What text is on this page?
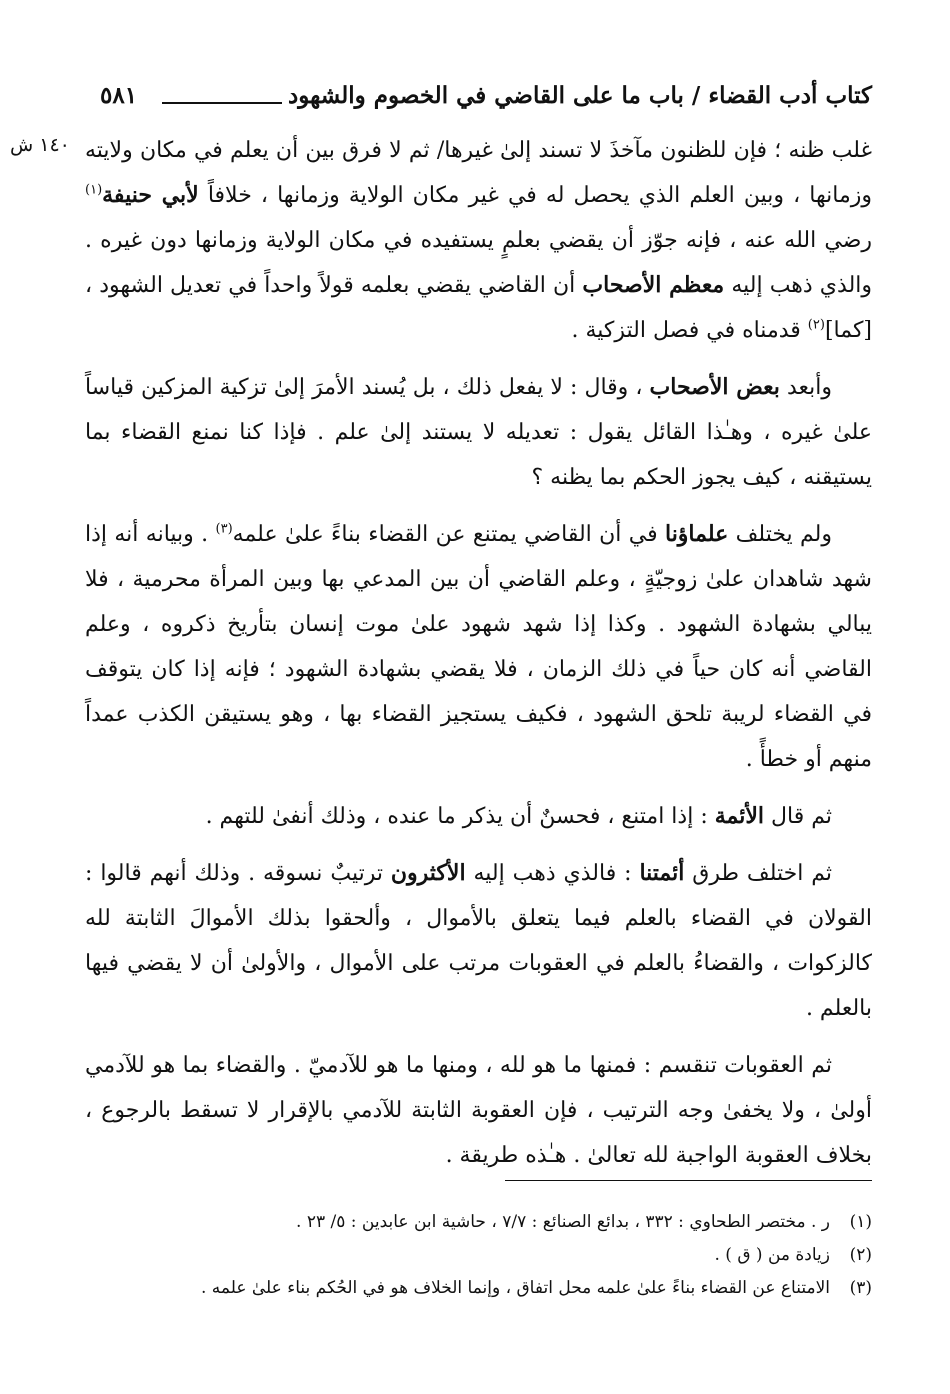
كتاب أدب القضاء / باب ما على القاضي في الخصوم والشهود
٥٨١
١٤٠ ش غلب ظنه ؛ فإن للظنون مآخذَ لا تسند إلىٰ غيرها/ ثم لا فرق بين أن يعلم في مكان ولايته وزمانها ، وبين العلم الذي يحصل له في غير مكان الولاية وزمانها ، خلافاً لأبي حنيفة$^{(١)}$ رضي الله عنه ، فإنه جوّز أن يقضي بعلمٍ يستفيده في مكان الولاية وزمانها دون غيره . والذي ذهب إليه معظم الأصحاب أن القاضي يقضي بعلمه قولاً واحداً في تعديل الشهود ، [كما]$^{(٢)}$ قدمناه في فصل التزكية .

وأبعد بعض الأصحاب ، وقال : لا يفعل ذلك ، بل يُسند الأمرَ إلىٰ تزكية المزكين قياساً علىٰ غيره ، وهـٰذا القائل يقول : تعديله لا يستند إلىٰ علم . فإذا كنا نمنع القضاء بما يستيقنه ، كيف يجوز الحكم بما يظنه ؟

ولم يختلف علماؤنا في أن القاضي يمتنع عن القضاء بناءً علىٰ علمه$^{(٣)}$ . وبيانه أنه إذا شهد شاهدان علىٰ زوجيّةٍ ، وعلم القاضي أن بين المدعي بها وبين المرأة محرمية ، فلا يبالي بشهادة الشهود . وكذا إذا شهد شهود علىٰ موت إنسان بتأريخ ذكروه ، وعلم القاضي أنه كان حياً في ذلك الزمان ، فلا يقضي بشهادة الشهود ؛ فإنه إذا كان يتوقف في القضاء لريبة تلحق الشهود ، فكيف يستجيز القضاء بها ، وهو يستيقن الكذب عمداً منهم أو خطأً .

ثم قال الأئمة : إذا امتنع ، فحسنٌ أن يذكر ما عنده ، وذلك أنفىٰ للتهم .

ثم اختلف طرق أئمتنا : فالذي ذهب إليه الأكثرون ترتيبٌ نسوقه . وذلك أنهم قالوا : القولان في القضاء بالعلم فيما يتعلق بالأموال ، وألحقوا بذلك الأموالَ الثابتة لله كالزكوات ، والقضاءُ بالعلم في العقوبات مرتب على الأموال ، والأولىٰ أن لا يقضي فيها بالعلم .

ثم العقوبات تنقسم : فمنها ما هو لله ، ومنها ما هو للآدميّ . والقضاء بما هو للآدمي أولىٰ ، ولا يخفىٰ وجه الترتيب ، فإن العقوبة الثابتة للآدمي بالإقرار لا تسقط بالرجوع ، بخلاف العقوبة الواجبة لله تعالىٰ . هـٰذه طريقة .

(١)ر . مختصر الطحاوي : ٣٣٢ ، بدائع الصنائع : ٧/٧ ، حاشية ابن عابدين : ٥/ ٢٣ .
(٢)زيادة من ( ق ) .
(٣)الامتناع عن القضاء بناءً علىٰ علمه محل اتفاق ، وإنما الخلاف هو في الحُكم بناء علىٰ علمه .
